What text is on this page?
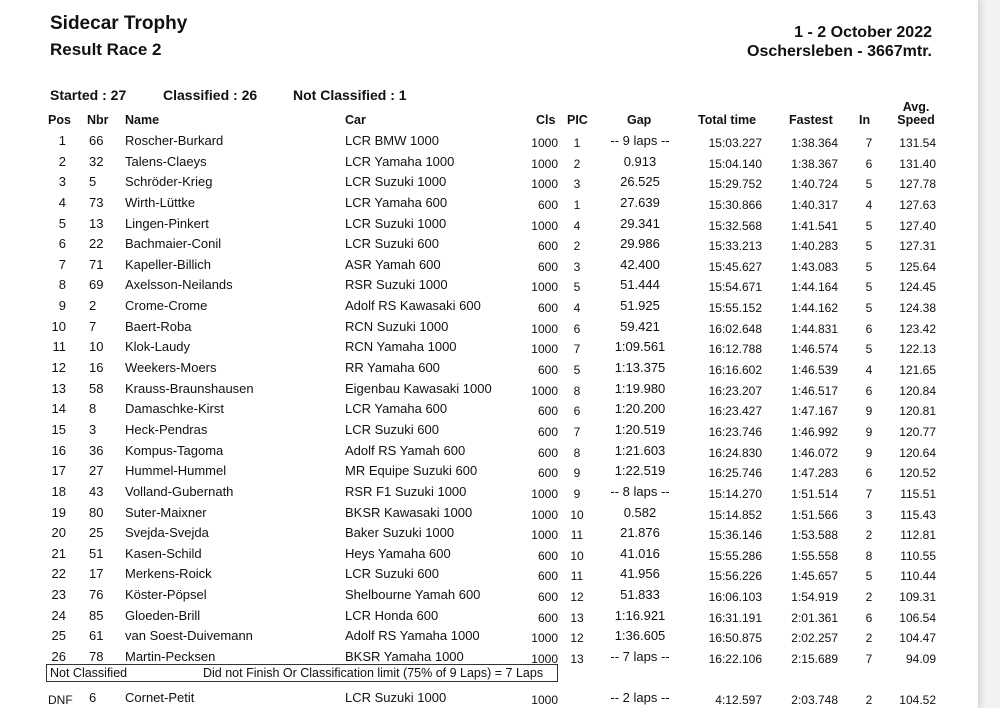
Sidecar Trophy
Result Race 2
1 - 2 October 2022
Oschersleben - 3667mtr.
Started : 27	Classified : 26	Not Classified : 1
Pos Nbr Name	Car	Cls PIC	Gap	Total time	Fastest In
Avg.
Speed
1 66 Roscher-Burkard	LCR BMW 1000	1000	1	-- 9 laps --	15:03.227	1:38.364	7	131.54
2 32 Talens-Claeys	LCR Yamaha 1000	1000	2	0.913	15:04.140	1:38.367	6	131.40
3 5 Schröder-Krieg	LCR Suzuki 1000	1000	3	26.525	15:29.752	1:40.724	5	127.78
4 73 Wirth-Lüttke	LCR Yamaha 600	600	1	27.639	15:30.866	1:40.317	4	127.63
5 13 Lingen-Pinkert	LCR Suzuki 1000	1000	4	29.341	15:32.568	1:41.541	5	127.40
6 22 Bachmaier-Conil	LCR Suzuki 600	600	2	29.986	15:33.213	1:40.283	5	127.31
7 71 Kapeller-Billich	ASR Yamah 600	600	3	42.400	15:45.627	1:43.083	5	125.64
8 69 Axelsson-Neilands	RSR Suzuki 1000	1000	5	51.444	15:54.671	1:44.164	5	124.45
9 2 Crome-Crome	Adolf RS Kawasaki 600	600	4	51.925	15:55.152	1:44.162	5	124.38
10 7 Baert-Roba	RCN Suzuki 1000	1000	6	59.421	16:02.648	1:44.831	6	123.42
11 10 Klok-Laudy	RCN Yamaha 1000	1000	7	1:09.561	16:12.788	1:46.574	5	122.13
12 16 Weekers-Moers	RR Yamaha 600	600	5	1:13.375	16:16.602	1:46.539	4	121.65
13 58 Krauss-Braunshausen	Eigenbau Kawasaki 1000	1000	8	1:19.980	16:23.207	1:46.517	6	120.84
14 8 Damaschke-Kirst	LCR Yamaha 600	600	6	1:20.200	16:23.427	1:47.167	9	120.81
15 3 Heck-Pendras	LCR Suzuki 600	600	7	1:20.519	16:23.746	1:46.992	9	120.77
16 36 Kompus-Tagoma	Adolf RS Yamah 600	600	8	1:21.603	16:24.830	1:46.072	9	120.64
17 27 Hummel-Hummel	MR Equipe Suzuki 600	600	9	1:22.519	16:25.746	1:47.283	6	120.52
18 43 Volland-Gubernath	RSR F1 Suzuki 1000	1000	9	-- 8 laps --	15:14.270	1:51.514	7	115.51
19 80 Suter-Maixner	BKSR Kawasaki 1000	1000	10	0.582	15:14.852	1:51.566	3	115.43
20 25 Svejda-Svejda	Baker Suzuki 1000	1000	11	21.876	15:36.146	1:53.588	2	112.81
21 51 Kasen-Schild	Heys Yamaha 600	600	10	41.016	15:55.286	1:55.558	8	110.55
22 17 Merkens-Roick	LCR Suzuki 600	600	11	41.956	15:56.226	1:45.657	5	110.44
23 76 Köster-Pöpsel	Shelbourne Yamah 600	600	12	51.833	16:06.103	1:54.919	2	109.31
24 85 Gloeden-Brill	LCR Honda 600	600	13	1:16.921	16:31.191	2:01.361	6	106.54
25 61 van Soest-Duivemann	Adolf RS Yamaha 1000	1000	12	1:36.605	16:50.875	2:02.257	2	104.47
26 78 Martin-Pecksen	BKSR Yamaha 1000	1000	13	-- 7 laps --	16:22.106	2:15.689	7	94.09
Not Classified	Did not Finish Or Classification limit (75% of 9 Laps) = 7 Laps
DNF 6 Cornet-Petit	LCR Suzuki 1000	1000	-- 2 laps --	4:12.597	2:03.748	2	104.52
